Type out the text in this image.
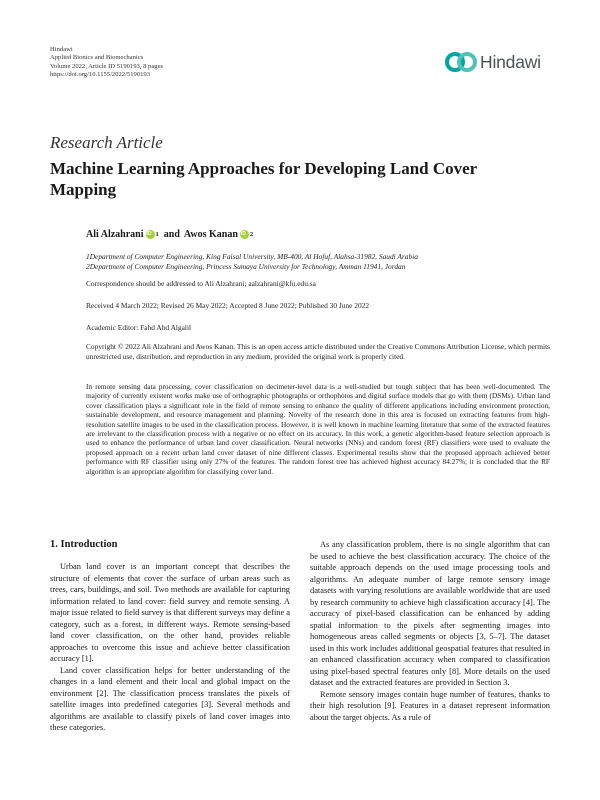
Hindawi
Applied Bionics and Biomechanics
Volume 2022, Article ID 5190193, 8 pages
https://doi.org/10.1155/2022/5190193
Hindawi
Research Article
Machine Learning Approaches for Developing Land Cover Mapping
Ali Alzahrani iD 1 and Awos Kanan iD 2
1Department of Computer Engineering, King Faisal University, MB-400, Al Hofuf, Alahsa-31982, Saudi Arabia
2Department of Computer Engineering, Princess Sumaya University for Technology, Amman 11941, Jordan
Correspondence should be addressed to Ali Alzahrani; aalzahrani@kfu.edu.sa
Received 4 March 2022; Revised 26 May 2022; Accepted 8 June 2022; Published 30 June 2022
Academic Editor: Fahd Abd Algalil
Copyright © 2022 Ali Alzahrani and Awos Kanan. This is an open access article distributed under the Creative Commons Attribution License, which permits unrestricted use, distribution, and reproduction in any medium, provided the original work is properly cited.
In remote sensing data processing, cover classification on decimeter-level data is a well-studied but tough subject that has been well-documented. The majority of currently existent works make use of orthographic photographs or orthophotos and digital surface models that go with them (DSMs). Urban land cover classification plays a significant role in the field of remote sensing to enhance the quality of different applications including environment protection, sustainable development, and resource management and planning. Novelty of the research done in this area is focused on extracting features from high-resolution satellite images to be used in the classification process. However, it is well known in machine learning literature that some of the extracted features are irrelevant to the classification process with a negative or no effect on its accuracy. In this work, a genetic algorithm-based feature selection approach is used to enhance the performance of urban land cover classification. Neural networks (NNs) and random forest (RF) classifiers were used to evaluate the proposed approach on a recent urban land cover dataset of nine different classes. Experimental results show that the proposed approach achieved better performance with RF classifier using only 27% of the features. The random forest tree has achieved highest accuracy 84.27%; it is concluded that the RF algorithm is an appropriate algorithm for classifying cover land.
1. Introduction

Urban land cover is an important concept that describes the structure of elements that cover the surface of urban areas such as trees, cars, buildings, and soil. Two methods are available for capturing information related to land cover: field survey and remote sensing. A major issue related to field survey is that different surveys may define a category, such as a forest, in different ways. Remote sensing-based land cover classification, on the other hand, provides reliable approaches to overcome this issue and achieve better classification accuracy [1].

Land cover classification helps for better understanding of the changes in a land element and their local and global impact on the environment [2]. The classification process translates the pixels of satellite images into predefined categories [3]. Several methods and algorithms are available to classify pixels of land cover images into these categories.

As any classification problem, there is no single algorithm that can be used to achieve the best classification accuracy. The choice of the suitable approach depends on the used image processing tools and algorithms. An adequate number of large remote sensory image datasets with varying resolutions are available worldwide that are used by research community to achieve high classification accuracy [4]. The accuracy of pixel-based classification can be enhanced by adding spatial information to the pixels after segmenting images into homogeneous areas called segments or objects [3, 5–7]. The dataset used in this work includes additional geospatial features that resulted in an enhanced classification accuracy when compared to classification using pixel-based spectral features only [8]. More details on the used dataset and the extracted features are provided in Section 3.

Remote sensory images contain huge number of features, thanks to their high resolution [9]. Features in a dataset represent information about the target objects. As a rule of
